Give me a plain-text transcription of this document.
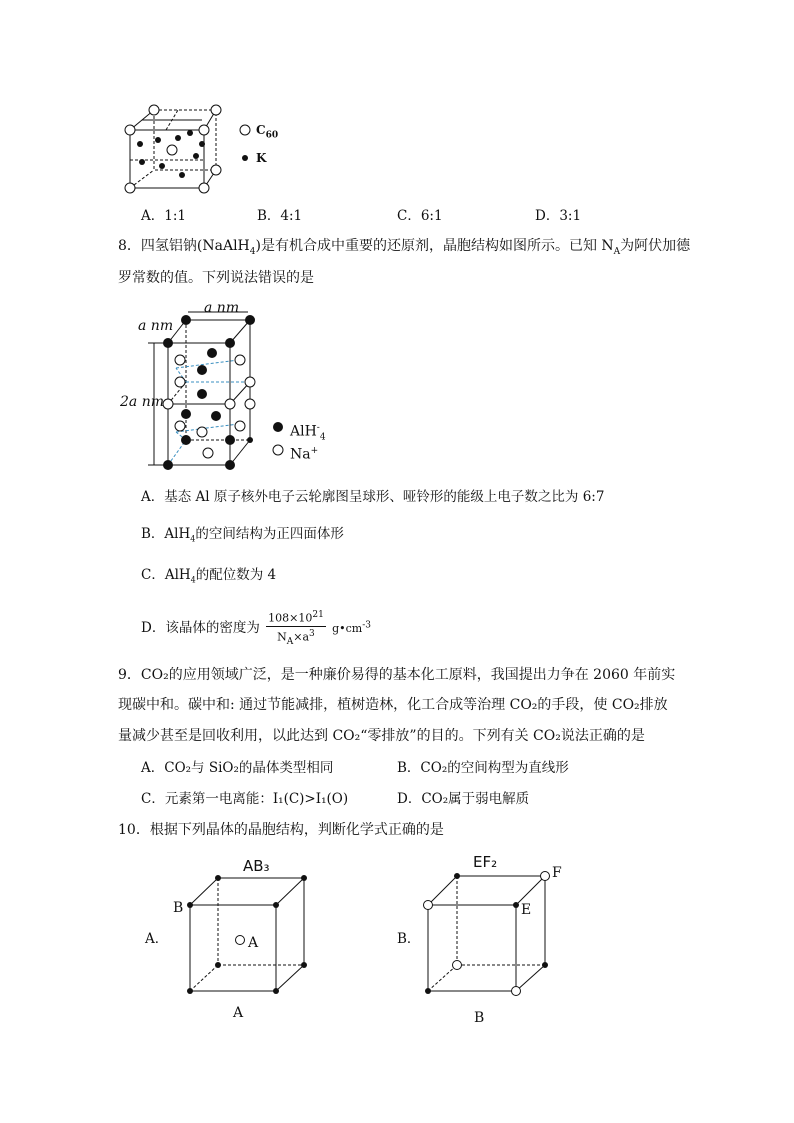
$C_{60}$
K
A．1:1	B．4:1	C．6:1	D．3:1
8．四氢铝钠(NaAlH$_4$)是有机合成中重要的还原剂，晶胞结构如图所示。已知 $N_A$为阿伏加德
罗常数的值。下列说法错误的是
a nm
a nm
2a nm
AlH-$_4$
Na+
A．基态 Al 原子核外电子云轮廓图呈球形、哑铃形的能级上电子数之比为 6:7
B．AlH$_4$的空间结构为正四面体形
C．AlH$_4$的配位数为 4
D．该晶体的密度为 $\frac{108\times 10^{21}}{N_A\times a^3}$ $g•cm^{-3}$
9．CO₂的应用领域广泛，是一种廉价易得的基本化工原料，我国提出力争在 2060 年前实
现碳中和。碳中和: 通过节能减排，植树造林，化工合成等治理 CO₂的手段，使 CO₂排放
量减少甚至是回收利用，以此达到 CO₂“零排放”的目的。下列有关 CO₂说法正确的是
A．CO₂与 SiO₂的晶体类型相同	B．CO₂的空间构型为直线形
C．元素第一电离能：I₁(C)>I₁(O)	D．CO₂属于弱电解质
10．根据下列晶体的晶胞结构，判断化学式正确的是
AB₃
B
A
A
A．
EF₂
F
E
B
B．
